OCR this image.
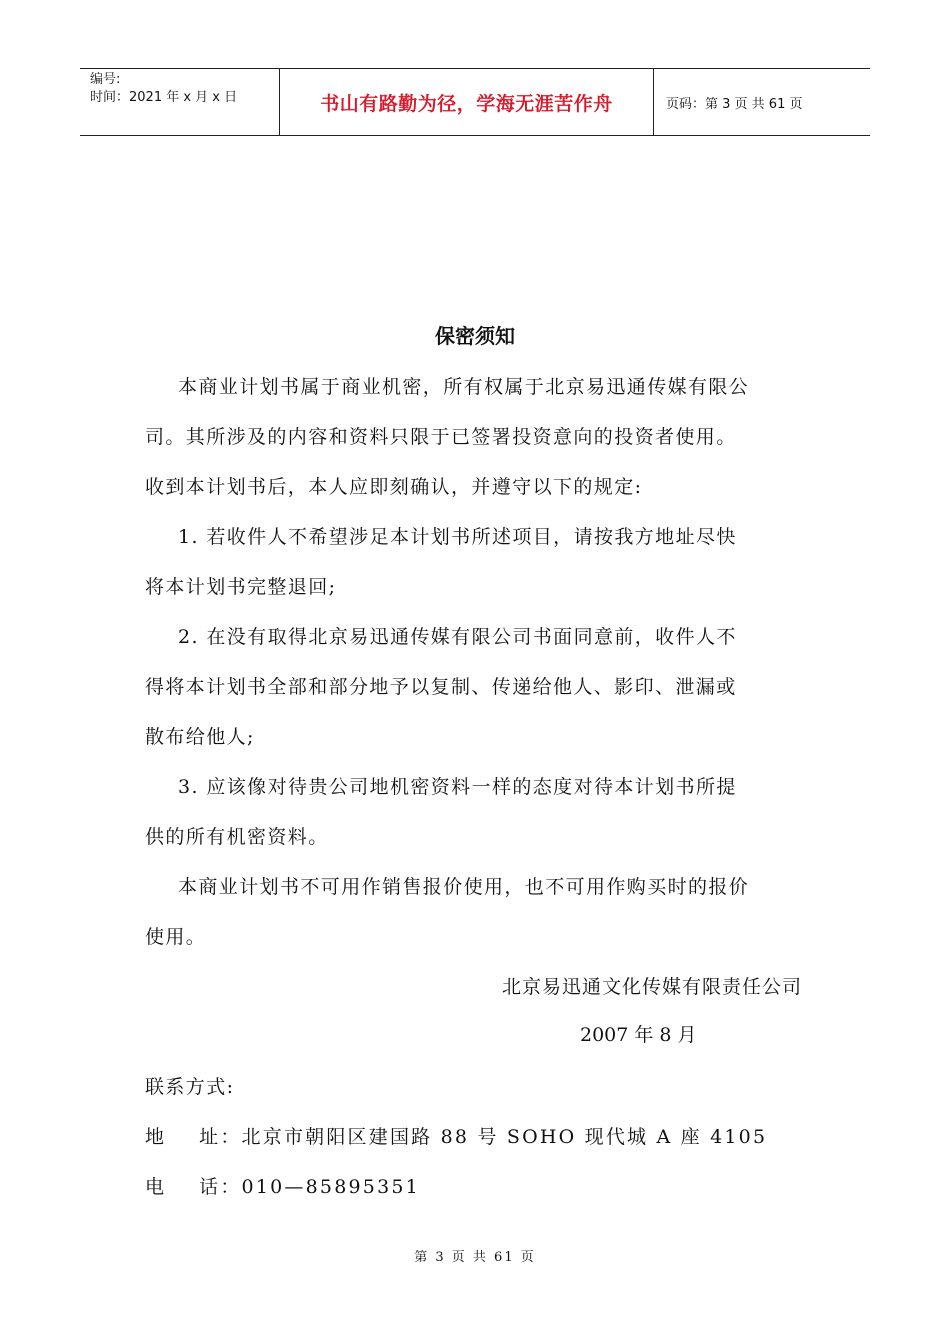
编号:
时间：2021 年 x 月 x 日	书山有路勤为径，学海无涯苦作舟	页码：第 3 页 共 61 页
保密须知
本商业计划书属于商业机密，所有权属于北京易迅通传媒有限公
司。其所涉及的内容和资料只限于已签署投资意向的投资者使用。
收到本计划书后，本人应即刻确认，并遵守以下的规定:
1. 若收件人不希望涉足本计划书所述项目，请按我方地址尽快
将本计划书完整退回;
2. 在没有取得北京易迅通传媒有限公司书面同意前，收件人不
得将本计划书全部和部分地予以复制、传递给他人、影印、泄漏或
散布给他人;
3. 应该像对待贵公司地机密资料一样的态度对待本计划书所提
供的所有机密资料。
本商业计划书不可用作销售报价使用，也不可用作购买时的报价
使用。
北京易迅通文化传媒有限责任公司
2007 年 8 月
联系方式:
地    址：北京市朝阳区建国路 88 号 SOHO 现代城 A 座 4105
电    话：010—85895351
第 3 页 共 61 页
